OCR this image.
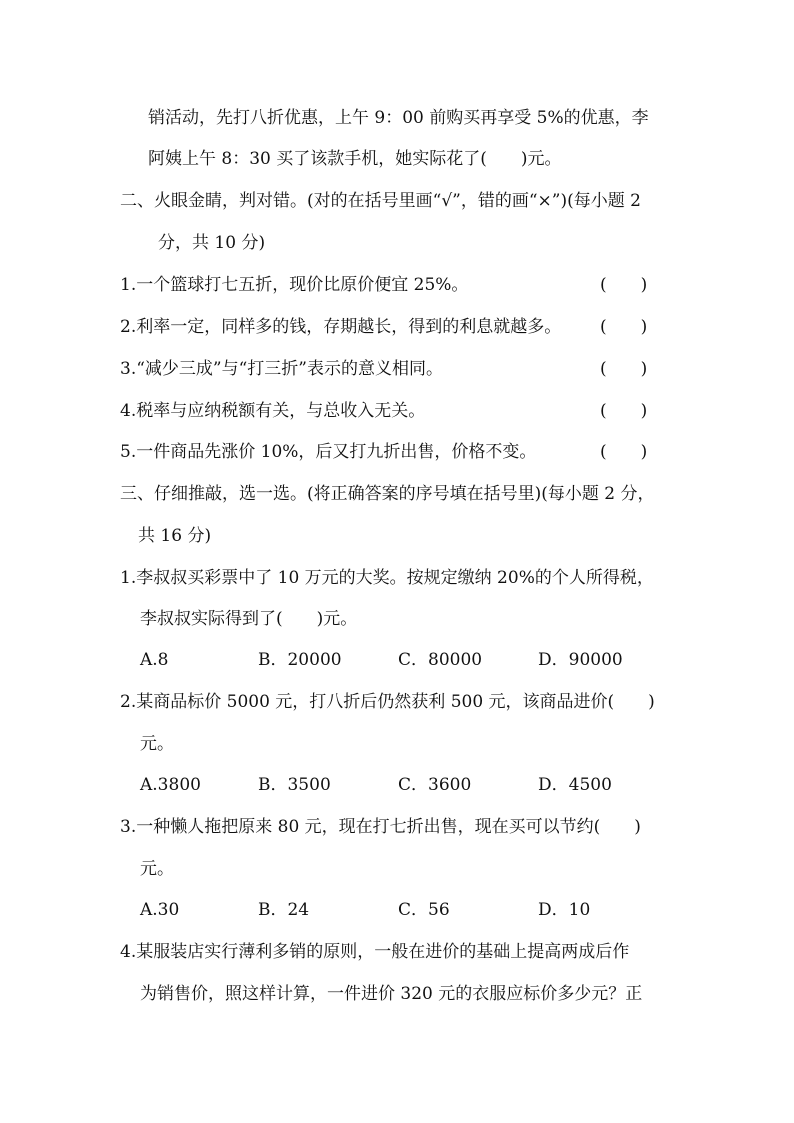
销活动，先打八折优惠，上午 9：00 前购买再享受 5%的优惠，李
阿姨上午 8：30 买了该款手机，她实际花了(　　)元。
二、火眼金睛，判对错。(对的在括号里画“√”，错的画“×”)(每小题 2
分，共 10 分)
1.一个篮球打七五折，现价比原价便宜 25%。	(　　)
2.利率一定，同样多的钱，存期越长，得到的利息就越多。 (　　)
3.“减少三成”与“打三折”表示的意义相同。	(　　)
4.税率与应纳税额有关，与总收入无关。	(　　)
5.一件商品先涨价 10%，后又打九折出售，价格不变。	(　　)
三、仔细推敲，选一选。(将正确答案的序号填在括号里)(每小题 2 分，
共 16 分)
1.李叔叔买彩票中了 10 万元的大奖。按规定缴纳 20%的个人所得税，
李叔叔实际得到了(　　)元。
A.8	B．20000	C．80000	D．90000
2.某商品标价 5000 元，打八折后仍然获利 500 元，该商品进价(　　)
元。
A.3800	B．3500	C．3600	D．4500
3.一种懒人拖把原来 80 元，现在打七折出售，现在买可以节约(　　)
元。
A.30	B．24	C．56	D．10
4.某服装店实行薄利多销的原则，一般在进价的基础上提高两成后作
为销售价，照这样计算，一件进价 320 元的衣服应标价多少元？正
